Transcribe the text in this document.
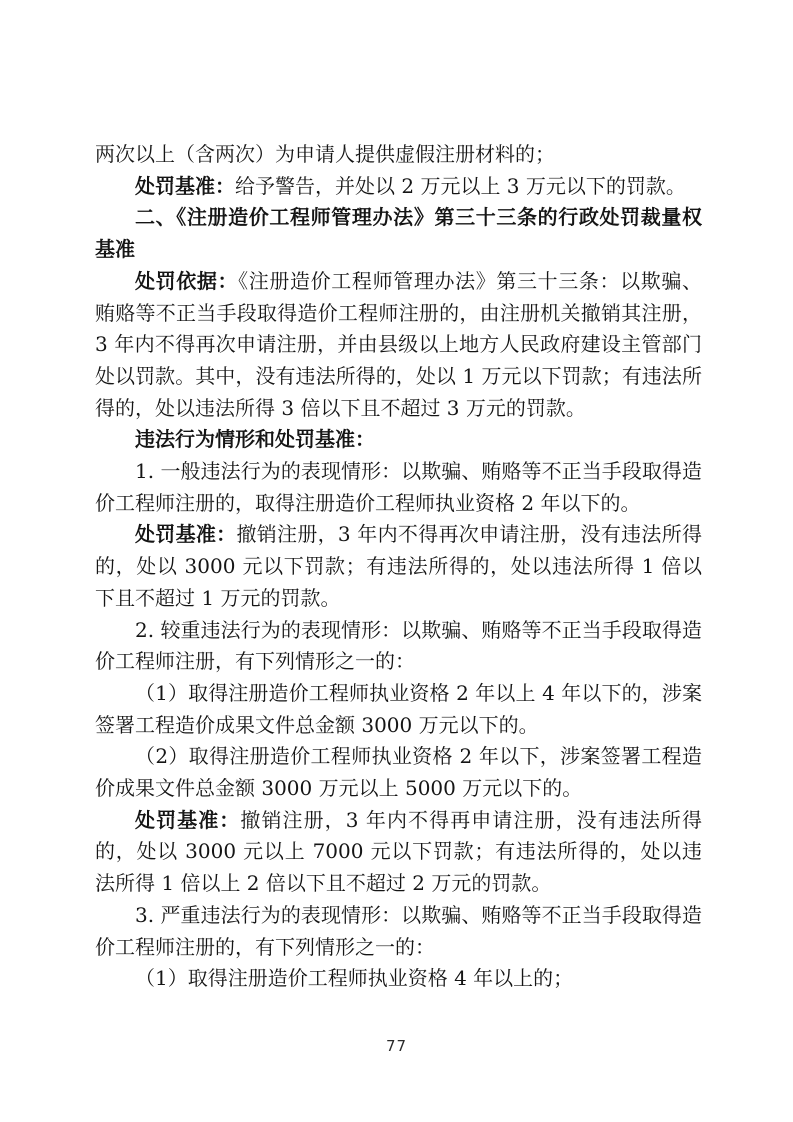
两次以上（含两次）为申请人提供虚假注册材料的；

处罚基准：给予警告，并处以 2 万元以上 3 万元以下的罚款。

二、《注册造价工程师管理办法》第三十三条的行政处罚裁量权基准

处罚依据：《注册造价工程师管理办法》第三十三条：以欺骗、贿赂等不正当手段取得造价工程师注册的，由注册机关撤销其注册，3 年内不得再次申请注册，并由县级以上地方人民政府建设主管部门处以罚款。其中，没有违法所得的，处以 1 万元以下罚款；有违法所得的，处以违法所得 3 倍以下且不超过 3 万元的罚款。

违法行为情形和处罚基准：

1. 一般违法行为的表现情形：以欺骗、贿赂等不正当手段取得造价工程师注册的，取得注册造价工程师执业资格 2 年以下的。

处罚基准：撤销注册，3 年内不得再次申请注册，没有违法所得的，处以 3000 元以下罚款；有违法所得的，处以违法所得 1 倍以下且不超过 1 万元的罚款。

2. 较重违法行为的表现情形：以欺骗、贿赂等不正当手段取得造价工程师注册，有下列情形之一的：

（1）取得注册造价工程师执业资格 2 年以上 4 年以下的，涉案签署工程造价成果文件总金额 3000 万元以下的。

（2）取得注册造价工程师执业资格 2 年以下，涉案签署工程造价成果文件总金额 3000 万元以上 5000 万元以下的。

处罚基准：撤销注册，3 年内不得再申请注册，没有违法所得的，处以 3000 元以上 7000 元以下罚款；有违法所得的，处以违法所得 1 倍以上 2 倍以下且不超过 2 万元的罚款。

3. 严重违法行为的表现情形：以欺骗、贿赂等不正当手段取得造价工程师注册的，有下列情形之一的：

（1）取得注册造价工程师执业资格 4 年以上的；

77
